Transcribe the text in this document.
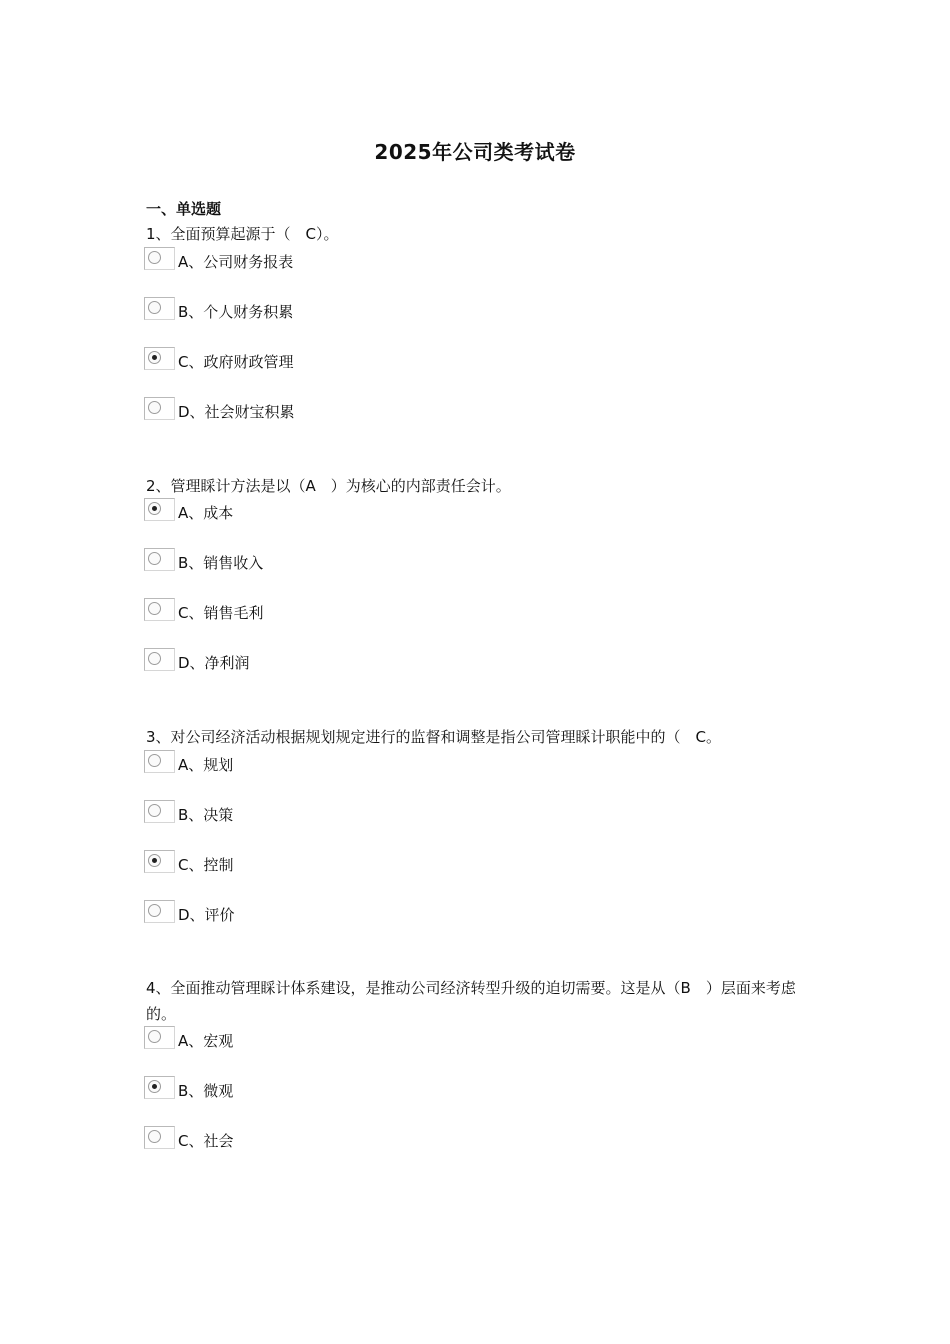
2025年公司类考试卷
一、单选题
1、全面预算起源于（　C）。
A、公司财务报表
B、个人财务积累
C、政府财政管理
D、社会财宝积累
2、管理睬计方法是以（A　）为核心的内部责任会计。
A、成本
B、销售收入
C、销售毛利
D、净利润
3、对公司经济活动根据规划规定进行的监督和调整是指公司管理睬计职能中的（　C。
A、规划
B、决策
C、控制
D、评价
4、全面推动管理睬计体系建设，是推动公司经济转型升级的迫切需要。这是从（B　）层面来考虑的。
A、宏观
B、微观
C、社会
